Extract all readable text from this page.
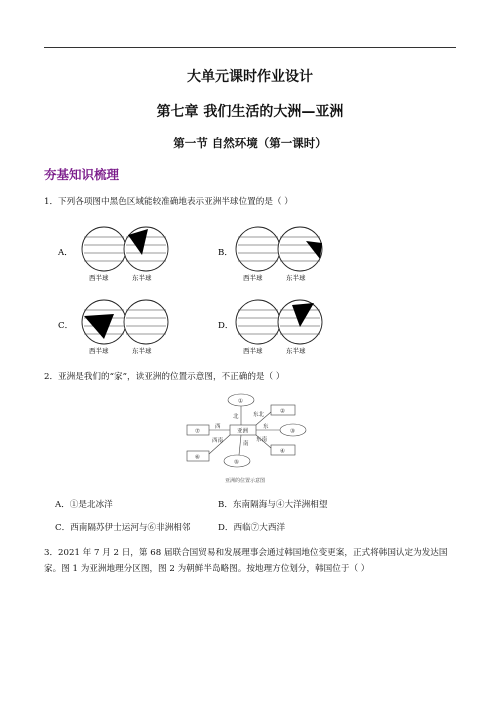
大单元课时作业设计
第七章 我们生活的大洲—亚洲
第一节 自然环境（第一课时）
夯基知识梳理
1．下列各项图中黑色区域能较准确地表示亚洲半球位置的是（ ）
A．
西半球	东半球
B．
西半球	东半球
C．
西半球	东半球
D．
西半球	东半球
2．亚洲是我们的“家”，读亚洲的位置示意图，不正确的是（ ）
①
②
③
④
⑤
⑥
⑦	亚洲
北	东北
东
东南
南
西南
西
亚洲的位置示意图
A．①是北冰洋	B．东南隔海与④大洋洲相望
C．西南隔苏伊士运河与⑥非洲相邻	D．西临⑦大西洋
3．2021 年 7 月 2 日，第 68 届联合国贸易和发展理事会通过韩国地位变更案，正式将韩国认定为发达国
家。图 1 为亚洲地理分区图，图 2 为朝鲜半岛略图。按地理方位划分，韩国位于（ ）
